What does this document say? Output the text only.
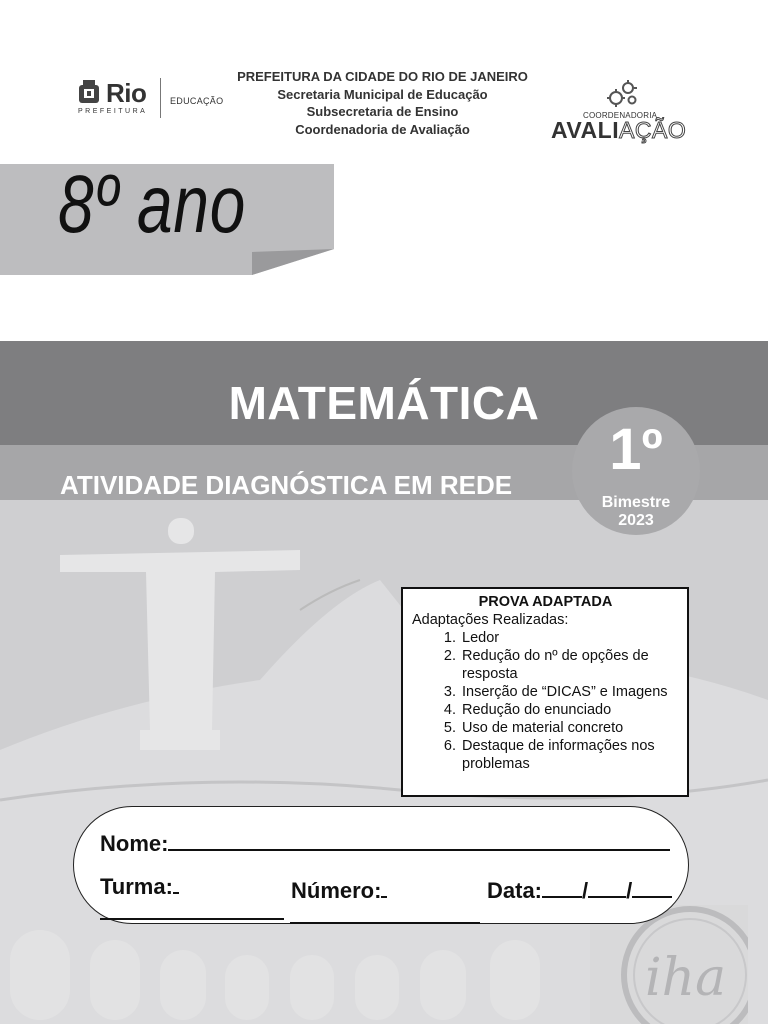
Rio
PREFEITURA
EDUCAÇÃO
PREFEITURA DA CIDADE DO RIO DE JANEIRO
Secretaria Municipal de Educação
Subsecretaria de Ensino
Coordenadoria de Avaliação
COORDENADORIA
AVALIAÇÃO
8º ano
MATEMÁTICA
ATIVIDADE DIAGNÓSTICA EM REDE
1º
Bimestre
2023
PROVA ADAPTADA
Adaptações Realizadas:
1. Ledor
2. Redução do nº de opções de resposta
3. Inserção de “DICAS” e Imagens
4. Redução do enunciado
5. Uso de material concreto
6. Destaque de informações nos problemas
iha
Nome:
Turma:	Número:	Data: / /
